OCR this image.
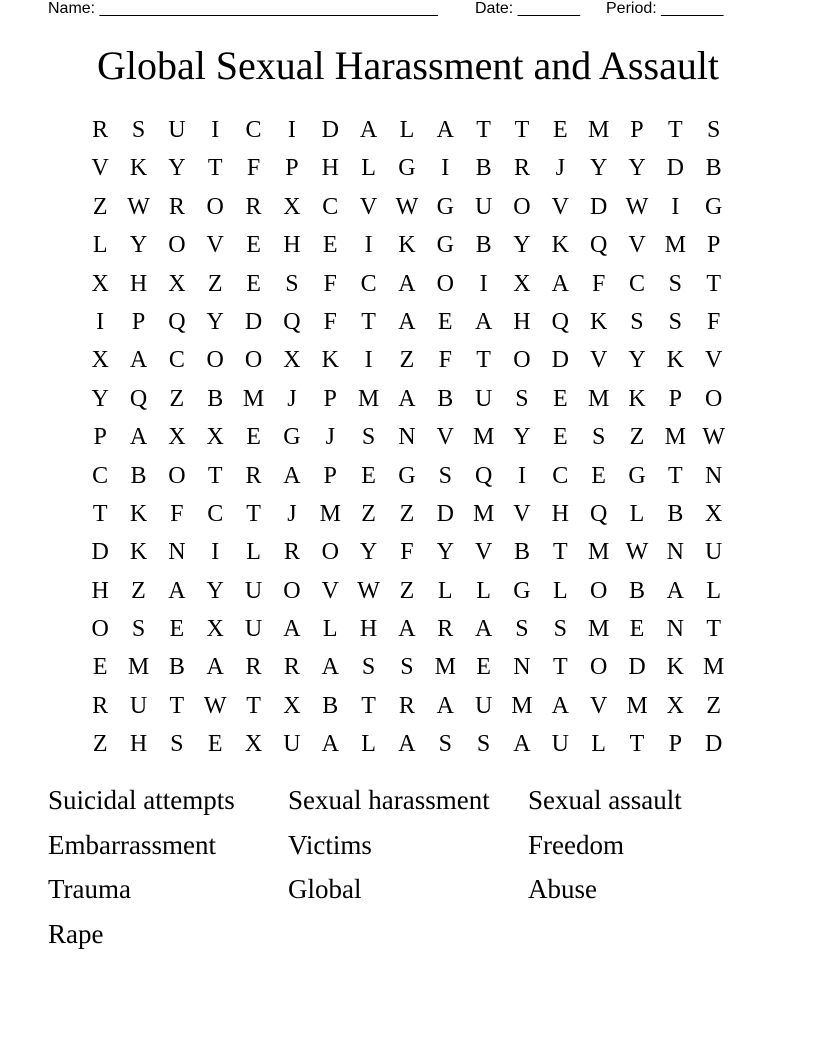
Name: ______________________________________ Date: _______ Period: _______
Global Sexual Harassment and Assault
R S U	I	C	I	D A L A T T E M P	T	S
V K Y T	F	P H L G	I	B R	J	Y Y D B
Z W R O R X C V W G U O V D W I	G
L Y O V E H E	I	K G B Y K Q V M P
X H X Z E	S	F C A O	I	X A F C S	T
I	P Q Y D Q F	T A E A H Q K S	S	F
X A C O O X K	I	Z	F	T O D V Y K V
Y Q Z B M J	P M A B U S	E M K P O
P A X X E G	J	S N V M Y E	S	Z M W
C B O T R A P	E G S Q	I	C E G T N
T K F C T	J M Z Z D M V H Q L B X
D K N	I	L R O Y F Y V B T M W N U
H Z A Y U O V W Z L L G L O B A L
O S	E X U A L H A R A S	S M E N T
E M B A R R A S	S M E N T O D K M
R U T W T X B T R A U M A V M X Z
Z H S	E X U A L A S	S A U L T	P D
Suicidal attempts	Sexual harassment	Sexual assault
Embarrassment	Victims	Freedom
Trauma	Global	Abuse
Rape
